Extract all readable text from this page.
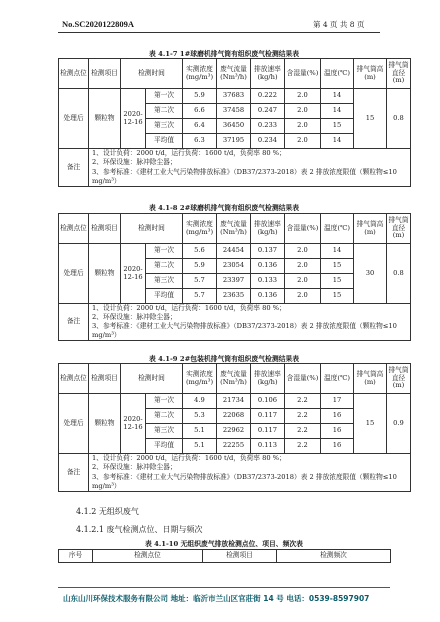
No.SC2020122809A	第 4 页 共 8 页
表 4.1-7 1#球磨机排气筒有组织废气检测结果表
检测点位	检测项目	检测时间		实测浓度(mg/m³)	废气流量(Nm³/h)	排放速率(kg/h)	含湿量(%)	温度(℃)	排气筒高(m)	排气筒直径(m)
处理后	颗粒物	2020-12-16	第一次	5.9	37683	0.222	2.0	14	15	0.8
			第二次	6.6	37458	0.247	2.0	14		
			第三次	6.4	36450	0.233	2.0	15		
			平均值	6.3	37195	0.234	2.0	14		
备注	1、设计负荷：2000 t/d，运行负荷：1600 t/d，负荷率 80 %；
2、环保设施：脉冲除尘器；
3、参考标准：《建材工业大气污染物排放标准》（DB37/2373-2018）表 2 排放浓度限值（颗粒物≤10 mg/m³）									
表 4.1-8 2#球磨机排气筒有组织废气检测结果表
检测点位	检测项目	检测时间		实测浓度(mg/m³)	废气流量(Nm³/h)	排放速率(kg/h)	含湿量(%)	温度(℃)	排气筒高(m)	排气筒直径(m)
处理后	颗粒物	2020-12-16	第一次	5.6	24454	0.137	2.0	14	30	0.8
			第二次	5.9	23054	0.136	2.0	15		
			第三次	5.7	23397	0.133	2.0	15		
			平均值	5.7	23635	0.136	2.0	15		
备注	1、设计负荷：2000 t/d，运行负荷：1600 t/d，负荷率 80 %；
2、环保设施：脉冲除尘器；
3、参考标准：《建材工业大气污染物排放标准》（DB37/2373-2018）表 2 排放浓度限值（颗粒物≤10 mg/m³）									
表 4.1-9 2#包装机排气筒有组织废气检测结果表
检测点位	检测项目	检测时间		实测浓度(mg/m³)	废气流量(Nm³/h)	排放速率(kg/h)	含湿量(%)	温度(℃)	排气筒高(m)	排气筒直径(m)
处理后	颗粒物	2020-12-16	第一次	4.9	21734	0.106	2.2	17	15	0.9
			第二次	5.3	22068	0.117	2.2	16		
			第三次	5.1	22962	0.117	2.2	16		
			平均值	5.1	22255	0.113	2.2	16		
备注	1、设计负荷：2000 t/d，运行负荷：1600 t/d，负荷率 80 %；
2、环保设施：脉冲除尘器；
3、参考标准：《建材工业大气污染物排放标准》（DB37/2373-2018）表 2 排放浓度限值（颗粒物≤10 mg/m³）									
4.1.2 无组织废气
4.1.2.1 废气检测点位、日期与频次
表 4.1-10 无组织废气排放检测点位、项目、频次表
序号	检测点位	检测项目	检测频次
山东山川环保技术服务有限公司 地址：临沂市兰山区官莊街 14 号 电话：0539-8597907
